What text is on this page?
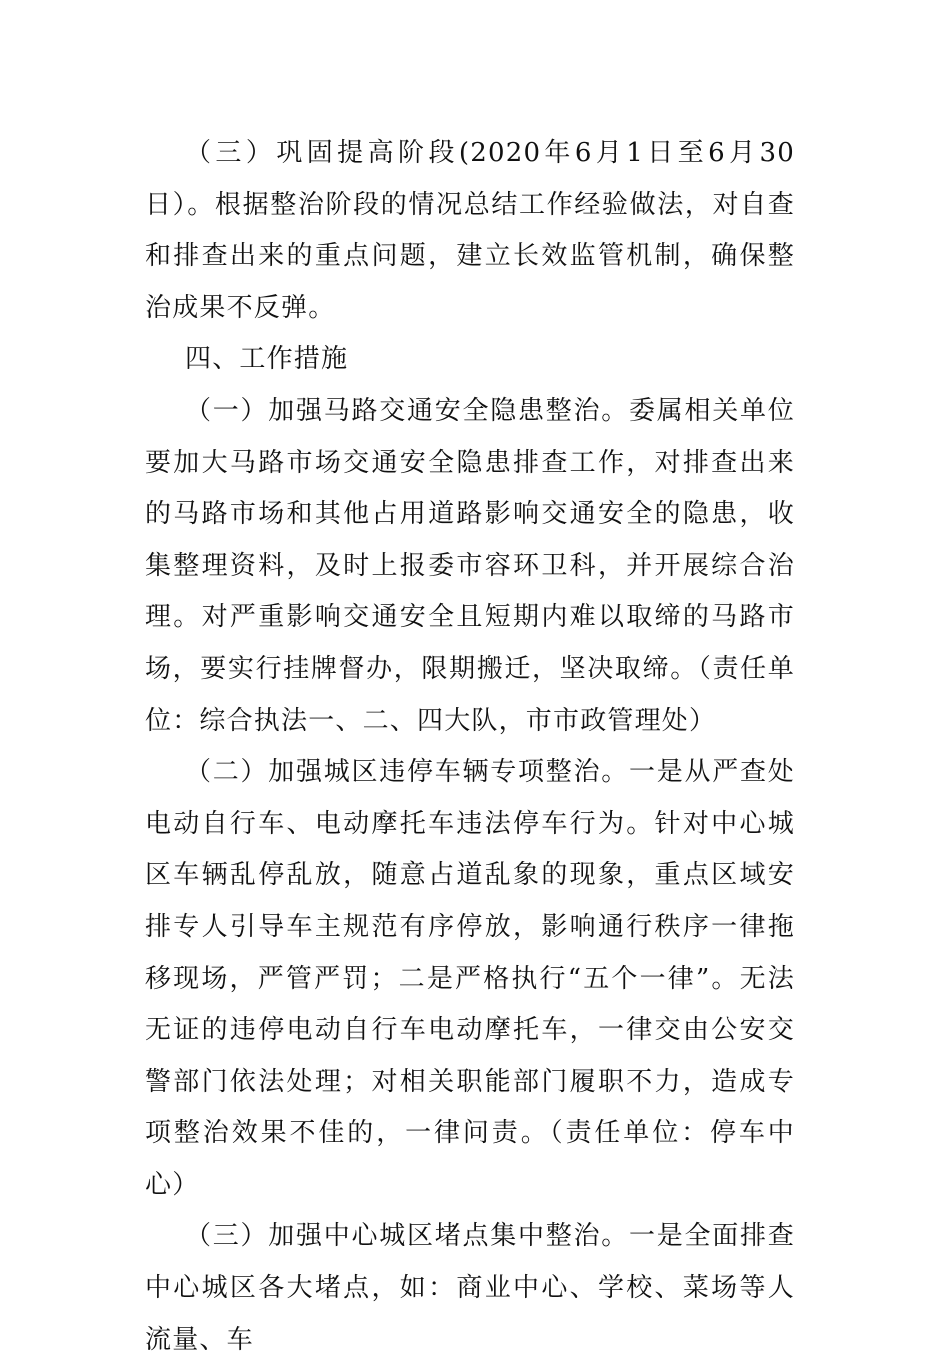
（三）巩固提高阶段(2020年6月1日至6月30日）。根据整治阶段的情况总结工作经验做法，对自查和排查出来的重点问题，建立长效监管机制，确保整治成果不反弹。

四、工作措施

（一）加强马路交通安全隐患整治。委属相关单位要加大马路市场交通安全隐患排查工作，对排查出来的马路市场和其他占用道路影响交通安全的隐患，收集整理资料，及时上报委市容环卫科，并开展综合治理。对严重影响交通安全且短期内难以取缔的马路市场，要实行挂牌督办，限期搬迁，坚决取缔。（责任单位：综合执法一、二、四大队，市市政管理处）

（二）加强城区违停车辆专项整治。一是从严查处电动自行车、电动摩托车违法停车行为。针对中心城区车辆乱停乱放，随意占道乱象的现象，重点区域安排专人引导车主规范有序停放，影响通行秩序一律拖移现场，严管严罚；二是严格执行“五个一律”。无法无证的违停电动自行车电动摩托车，一律交由公安交警部门依法处理；对相关职能部门履职不力，造成专项整治效果不佳的，一律问责。（责任单位：停车中心）

（三）加强中心城区堵点集中整治。一是全面排查中心城区各大堵点，如：商业中心、学校、菜场等人流量、车
